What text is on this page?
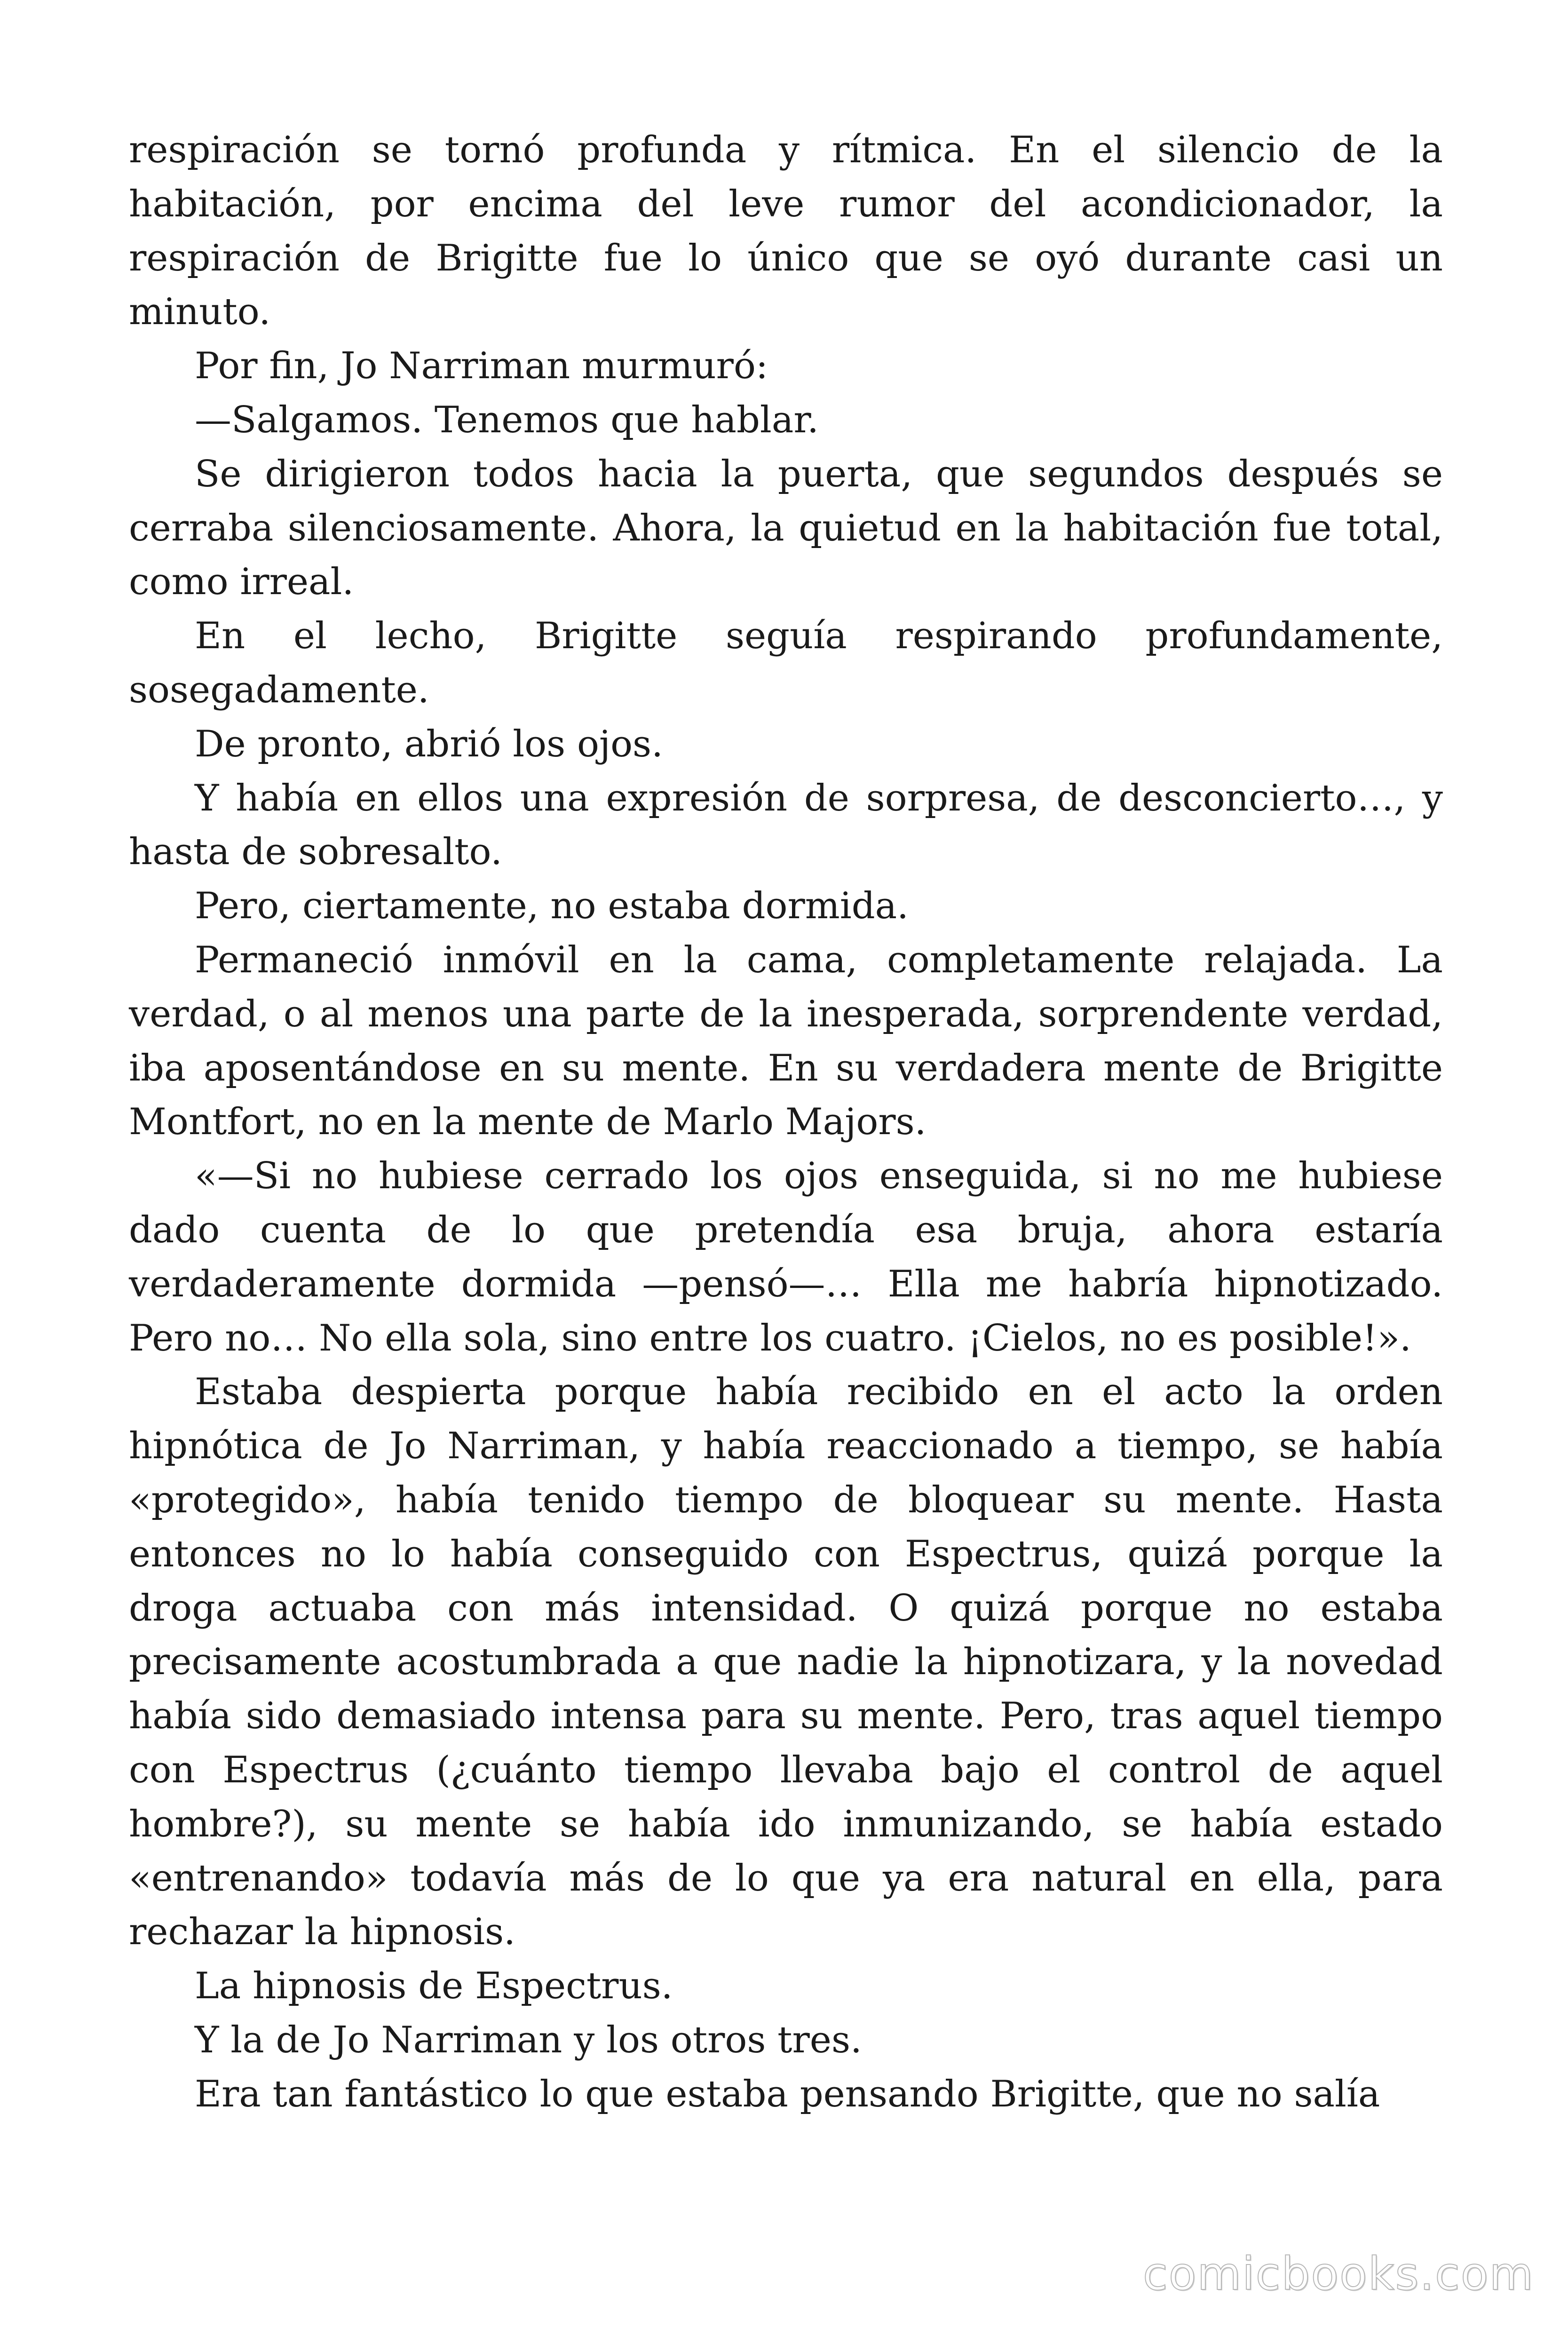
respiración se tornó profunda y rítmica. En el silencio de la habitación, por encima del leve rumor del acondicionador, la respiración de Brigitte fue lo único que se oyó durante casi un minuto.

Por fin, Jo Narriman murmuró:

—Salgamos. Tenemos que hablar.

Se dirigieron todos hacia la puerta, que segundos después se cerraba silenciosamente. Ahora, la quietud en la habitación fue total, como irreal.

En el lecho, Brigitte seguía respirando profundamente, sosegadamente.

De pronto, abrió los ojos.

Y había en ellos una expresión de sorpresa, de desconcierto…, y hasta de sobresalto.

Pero, ciertamente, no estaba dormida.

Permaneció inmóvil en la cama, completamente relajada. La verdad, o al menos una parte de la inesperada, sorprendente verdad, iba aposentándose en su mente. En su verdadera mente de Brigitte Montfort, no en la mente de Marlo Majors.

«—Si no hubiese cerrado los ojos enseguida, si no me hubiese dado cuenta de lo que pretendía esa bruja, ahora estaría verdaderamente dormida —pensó—… Ella me habría hipnotizado. Pero no… No ella sola, sino entre los cuatro. ¡Cielos, no es posible!».

Estaba despierta porque había recibido en el acto la orden hipnótica de Jo Narriman, y había reaccionado a tiempo, se había «protegido», había tenido tiempo de bloquear su mente. Hasta entonces no lo había conseguido con Espectrus, quizá porque la droga actuaba con más intensidad. O quizá porque no estaba precisamente acostumbrada a que nadie la hipnotizara, y la novedad había sido demasiado intensa para su mente. Pero, tras aquel tiempo con Espectrus (¿cuánto tiempo llevaba bajo el control de aquel hombre?), su mente se había ido inmunizando, se había estado «entrenando» todavía más de lo que ya era natural en ella, para rechazar la hipnosis.

La hipnosis de Espectrus.

Y la de Jo Narriman y los otros tres.

Era tan fantástico lo que estaba pensando Brigitte, que no salía

comicbooks.com
